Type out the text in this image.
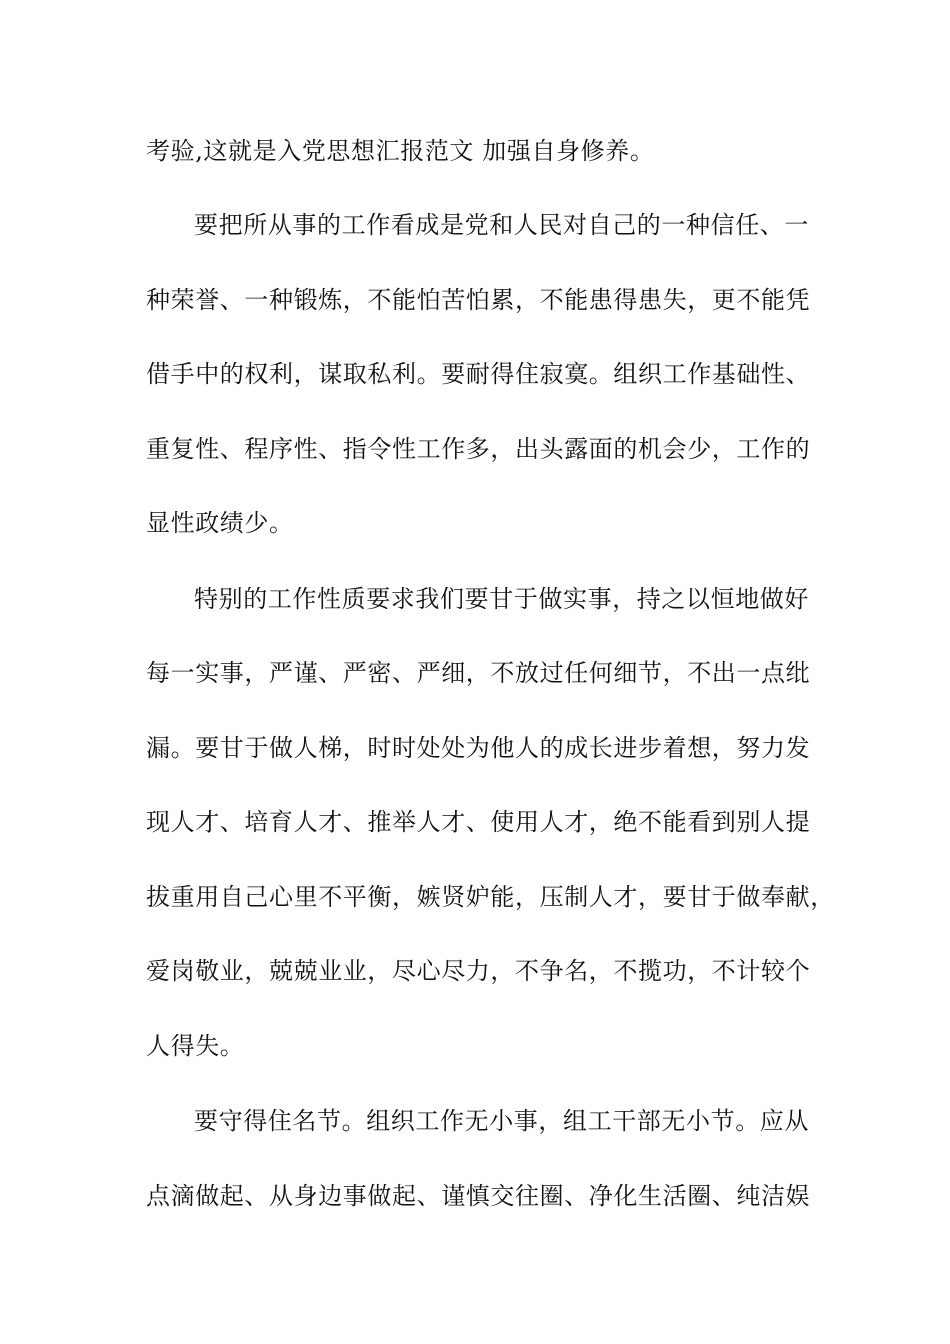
考验,这就是入党思想汇报范文 加强自身修养。
要把所从事的工作看成是党和人民对自己的一种信任、一
种荣誉、一种锻炼，不能怕苦怕累，不能患得患失，更不能凭
借手中的权利，谋取私利。要耐得住寂寞。组织工作基础性、
重复性、程序性、指令性工作多，出头露面的机会少，工作的
显性政绩少。
特别的工作性质要求我们要甘于做实事，持之以恒地做好
每一实事，严谨、严密、严细，不放过任何细节，不出一点纰
漏。要甘于做人梯，时时处处为他人的成长进步着想，努力发
现人才、培育人才、推举人才、使用人才，绝不能看到别人提
拔重用自己心里不平衡，嫉贤妒能，压制人才，要甘于做奉献，
爱岗敬业，兢兢业业，尽心尽力，不争名，不揽功，不计较个
人得失。
要守得住名节。组织工作无小事，组工干部无小节。应从
点滴做起、从身边事做起、谨慎交往圈、净化生活圈、纯洁娱
